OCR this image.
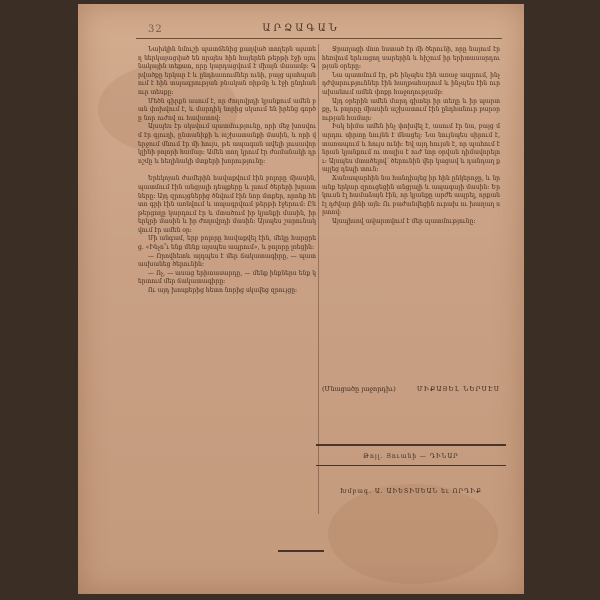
32	ԱՐՁԱԳԱՆ

Նախկին նմուշի պատճենից քաղված տողերն այստեղ ներկայացված են որպես հին հայերեն թերթի էջի սյունակային տեքստ, որը կարդացվում է միայն մասամբ։ Գրվածքը երկար է և ընդհատումներ ունի, բայց պահպանում է հին տպագրության բնական ռիթմը և էջի ընդհանուր տեսքը։

Մեծն գիրքն ասում է, որ ժողովրդի կյանքում ամեն բան փոխվում է, և մարդիկ նորից սկսում են իրենց գործը նոր ուժով ու հավատով։

Այսպես էր սկսվում պատմությունը, որի մեջ խոսվում էր գյուղի, ընտանիքի և աշխատանքի մասին, և որի վերջում մնում էր մի հույս, թե ապագան ավելի լուսավոր կլինի բոլորի համար։ Ամեն տող կրում էր ժամանակի դրոշմը և հեղինակի մտքերի խորությունը։

Երեկոյան ժամերին հավաքվում էին բոլորը միասին, պատմում էին անցյալի դեպքերը և լսում ծերերի խրատները։ Այդ զրույցներից ծնվում էին նոր մտքեր, որոնք հետո գրի էին առնվում և տպագրվում թերթի էջերում։ Ընթերցողը կարդում էր և մտածում իր կյանքի մասին, իր երկրի մասին և իր ժողովրդի մասին։ Այսպես շարունակվում էր ամեն օր։

Մի անգամ, երբ բոլորը հավաքվել էին, մեկը հարցրեց. «Ինչո՞ւ ենք մենք այսպես ապրում», և բոլորը լռեցին։

— Որովհետև այդպես է մեր ճակատագիրը, — պատասխանեց ծերունին։

— Ոչ, — ասաց երիտասարդը, — մենք ինքներս ենք կերտում մեր ճակատագիրը։

Ու այդ խոսքերից հետո նորից սկսվեց զրույցը։

Ջրաղացի մոտ նստած էր մի ծերունի, որը նայում էր հեռվում երևացող սարերին և հիշում իր երիտասարդության օրերը։

Նա պատմում էր, թե ինչպես էին առաջ ապրում, ինչ դժվարություններ էին հաղթահարում և ինչպես էին ուրախանում ամեն փոքր հաջողությամբ։

Այդ օրերին ամեն մարդ գիտեր իր տեղը և իր պարտքը, և բոլորը միասին աշխատում էին ընդհանուր բարօրության համար։

Իսկ հիմա ամեն ինչ փոխվել է, ասում էր նա, բայց մարդու սիրտը նույնն է մնացել։ Նա նույնպես սիրում է, տառապում և հույս ունի։ Եվ այդ հույսն է, որ պահում է նրան կյանքում ու տալիս է ուժ նոր օրվան դիմավորելու։ Այսպես մտածելով՝ ծերունին վեր կացավ և դանդաղ քայլեց դեպի տուն։

Ճանապարհին նա հանդիպեց իր հին ընկերոջը, և նրանք երկար զրուցեցին անցյալի և ապագայի մասին։ Երկուսն էլ համաձայն էին, որ կյանքը արժե ապրել, որքան էլ դժվար լինի այն։ Ու բաժանվեցին ուրախ ու խաղաղ սրտով։

Այսպիսով ավարտվում է մեր պատմությունը։

(Մնացածը յաջորդիւ)	ՄԻՔԱՅԵԼ ՆԵՐՍԷՍ
Թոյլ. Յուանի — ԴԻՆԱՐ
Խմբագ. Ա. ԱԻԵՏԻՍԵԱՆ եւ ՈՐԴԻՔ
